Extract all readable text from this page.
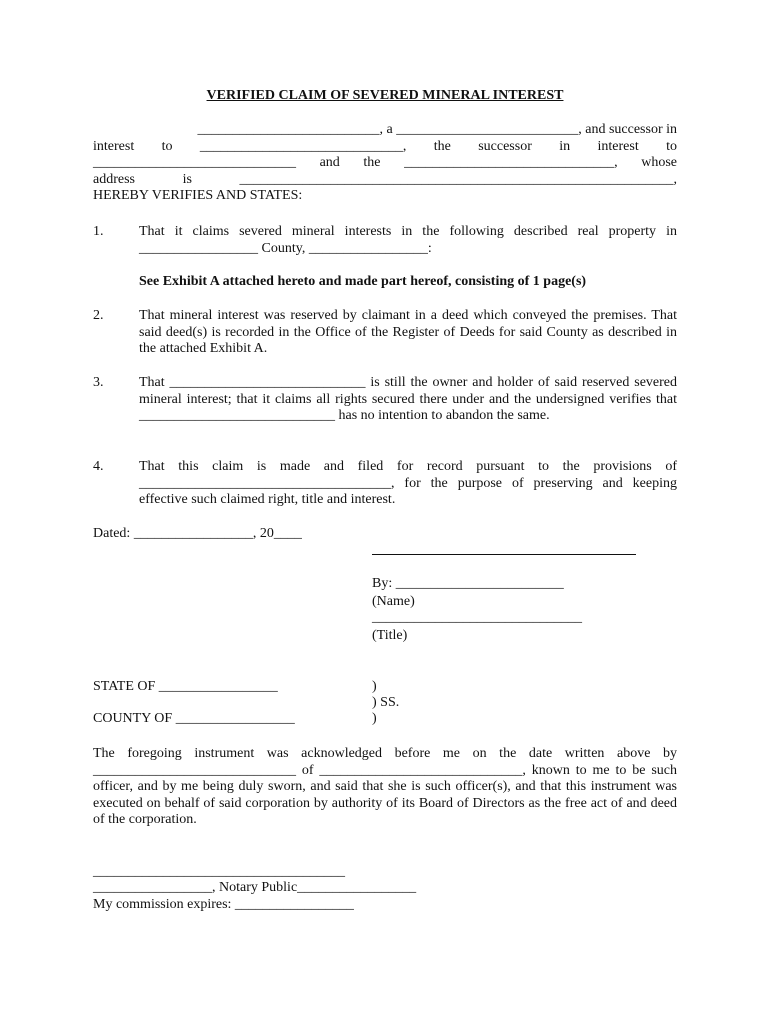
VERIFIED CLAIM OF SEVERED MINERAL INTEREST
__________________________, a __________________________, and successor in
interest to _____________________________, the successor in interest to
_____________________________ and the ______________________________, whose
address	is	______________________________________________________________,
HEREBY VERIFIES AND STATES:
1.	That it claims severed mineral interests in the following described real property in _________________ County, _________________:
See Exhibit A attached hereto and made part hereof, consisting of 1 page(s)
2.	That mineral interest was reserved by claimant in a deed which conveyed the premises. That said deed(s) is recorded in the Office of the Register of Deeds for said County as described in the attached Exhibit A.
3.	That ____________________________ is still the owner and holder of said reserved severed mineral interest; that it claims all rights secured there under and the undersigned verifies that ____________________________ has no intention to abandon the same.
4.	That this claim is made and filed for record pursuant to the provisions of ____________________________________, for the purpose of preserving and keeping effective such claimed right, title and interest.
Dated: _________________, 20____
By: ________________________
(Name)
______________________________
(Title)
STATE OF _________________
COUNTY OF _________________
)
) SS.
)
The foregoing instrument was acknowledged before me on the date written above by _____________________________ of _____________________________, known to me to be such officer, and by me being duly sworn, and said that she is such officer(s), and that this instrument was executed on behalf of said corporation by authority of its Board of Directors as the free act of and deed of the corporation.
____________________________________
_________________, Notary Public_________________
My commission expires: _________________
